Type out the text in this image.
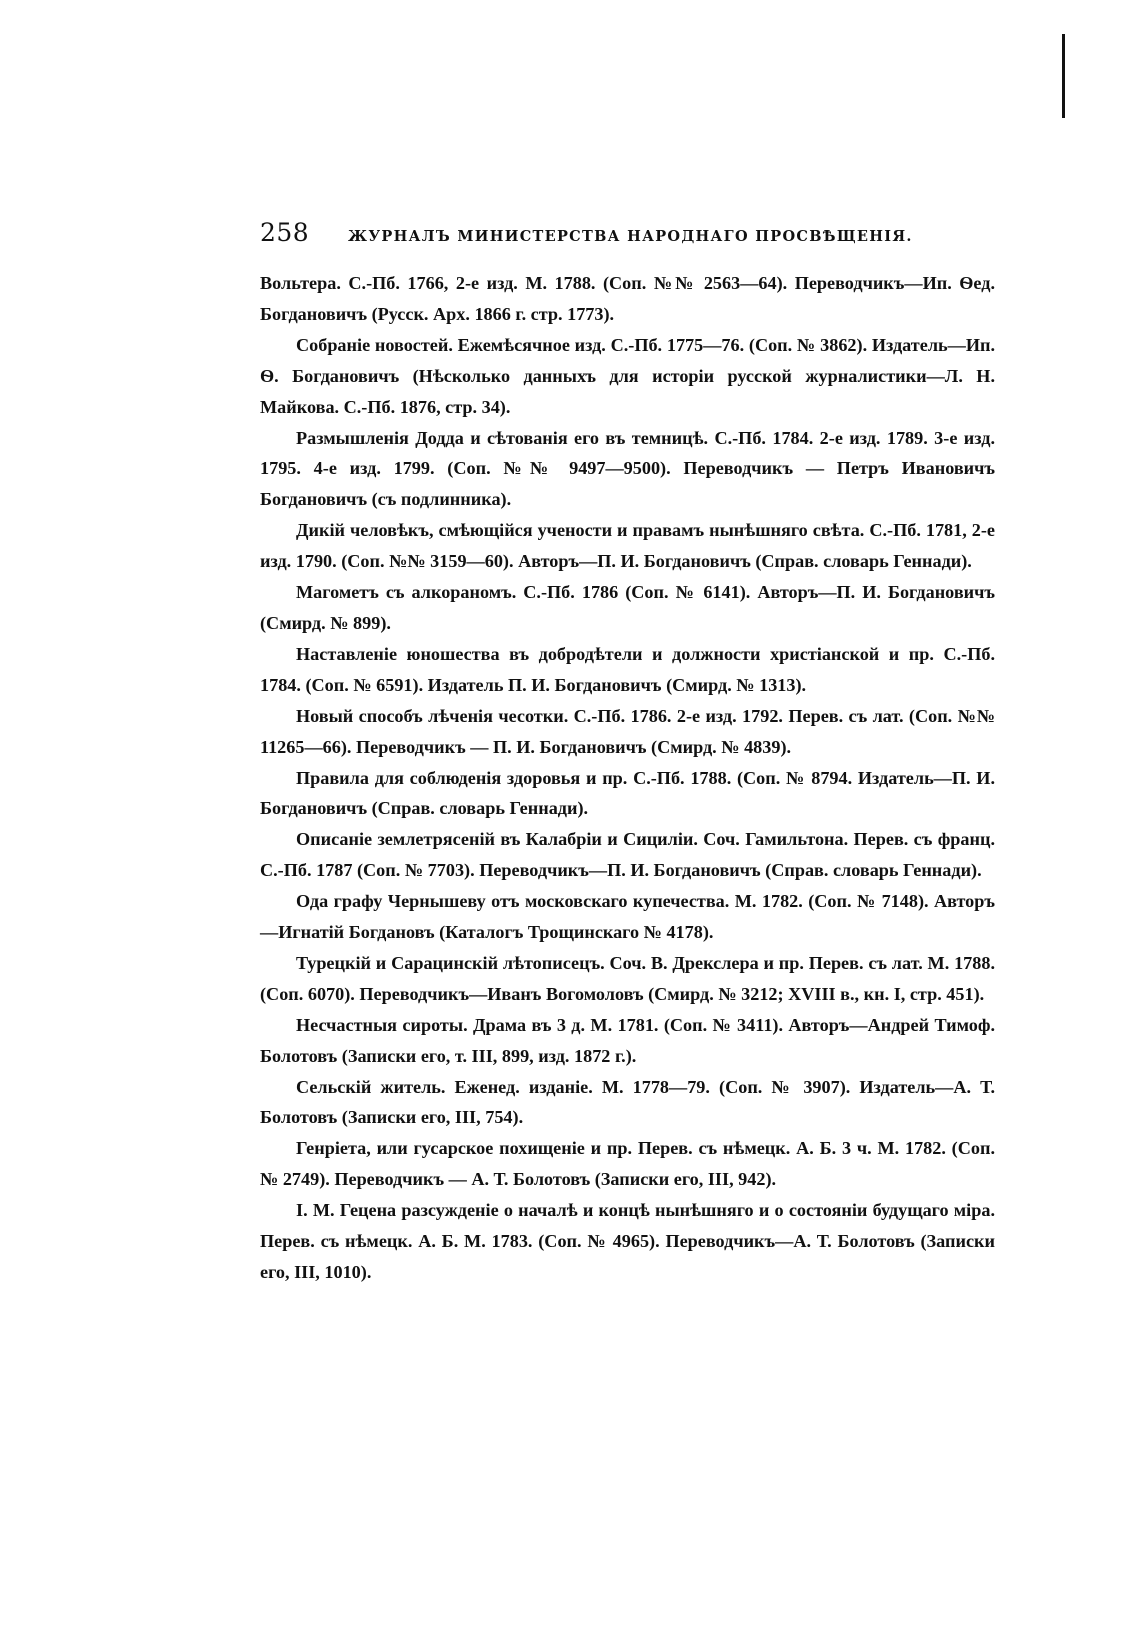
258	ЖУРНАЛЪ МИНИСТЕРСТВА НАРОДНАГО ПРОСВѢЩЕНІЯ.

Вольтера. С.-Пб. 1766, 2-е изд. М. 1788. (Соп. №№ 2563—64). Переводчикъ—Ип. Ѳед. Богдановичъ (Русск. Арх. 1866 г. стр. 1773).

Собраніе новостей. Ежемѣсячное изд. С.-Пб. 1775—76. (Соп. № 3862). Издатель—Ип. Ѳ. Богдановичъ (Нѣсколько данныхъ для исторіи русской журналистики—Л. Н. Майкова. С.-Пб. 1876, стр. 34).

Размышленія Додда и сѣтованія его въ темницѣ. С.-Пб. 1784. 2-е изд. 1789. 3-е изд. 1795. 4-е изд. 1799. (Соп. №№ 9497—9500). Переводчикъ — Петръ Ивановичъ Богдановичъ (съ подлинника).

Дикій человѣкъ, смѣющійся учености и правамъ нынѣшняго свѣта. С.-Пб. 1781, 2-е изд. 1790. (Соп. №№ 3159—60). Авторъ—П. И. Богдановичъ (Справ. словарь Геннади).

Магометъ съ алкораномъ. С.-Пб. 1786 (Соп. № 6141). Авторъ—П. И. Богдановичъ (Смирд. № 899).

Наставленіе юношества въ добродѣтели и должности христіанской и пр. С.-Пб. 1784. (Соп. № 6591). Издатель П. И. Богдановичъ (Смирд. № 1313).

Новый способъ лѣченія чесотки. С.-Пб. 1786. 2-е изд. 1792. Перев. съ лат. (Соп. №№ 11265—66). Переводчикъ — П. И. Богдановичъ (Смирд. № 4839).

Правила для соблюденія здоровья и пр. С.-Пб. 1788. (Соп. № 8794. Издатель—П. И. Богдановичъ (Справ. словарь Геннади).

Описаніе землетрясеній въ Калабріи и Сициліи. Соч. Гамильтона. Перев. съ франц. С.-Пб. 1787 (Соп. № 7703). Переводчикъ—П. И. Богдановичъ (Справ. словарь Геннади).

Ода графу Чернышеву отъ московскаго купечества. М. 1782. (Соп. № 7148). Авторъ—Игнатій Богдановъ (Каталогъ Трощинскаго № 4178).

Турецкій и Сарацинскій лѣтописецъ. Соч. В. Дрекслера и пр. Перев. съ лат. М. 1788. (Соп. 6070). Переводчикъ—Иванъ Вогомоловъ (Смирд. № 3212; XVIII в., кн. I, стр. 451).

Несчастныя сироты. Драма въ 3 д. М. 1781. (Соп. № 3411). Авторъ—Андрей Тимоф. Болотовъ (Записки его, т. III, 899, изд. 1872 г.).

Сельскій житель. Еженед. изданіе. М. 1778—79. (Соп. № 3907). Издатель—А. Т. Болотовъ (Записки его, III, 754).

Генріета, или гусарское похищеніе и пр. Перев. съ нѣмецк. А. Б. 3 ч. М. 1782. (Соп. № 2749). Переводчикъ — А. Т. Болотовъ (Записки его, III, 942).

I. М. Гецена разсужденіе о началѣ и концѣ нынѣшняго и о состояніи будущаго міра. Перев. съ нѣмецк. А. Б. М. 1783. (Соп. № 4965). Переводчикъ—А. Т. Болотовъ (Записки его, III, 1010).
